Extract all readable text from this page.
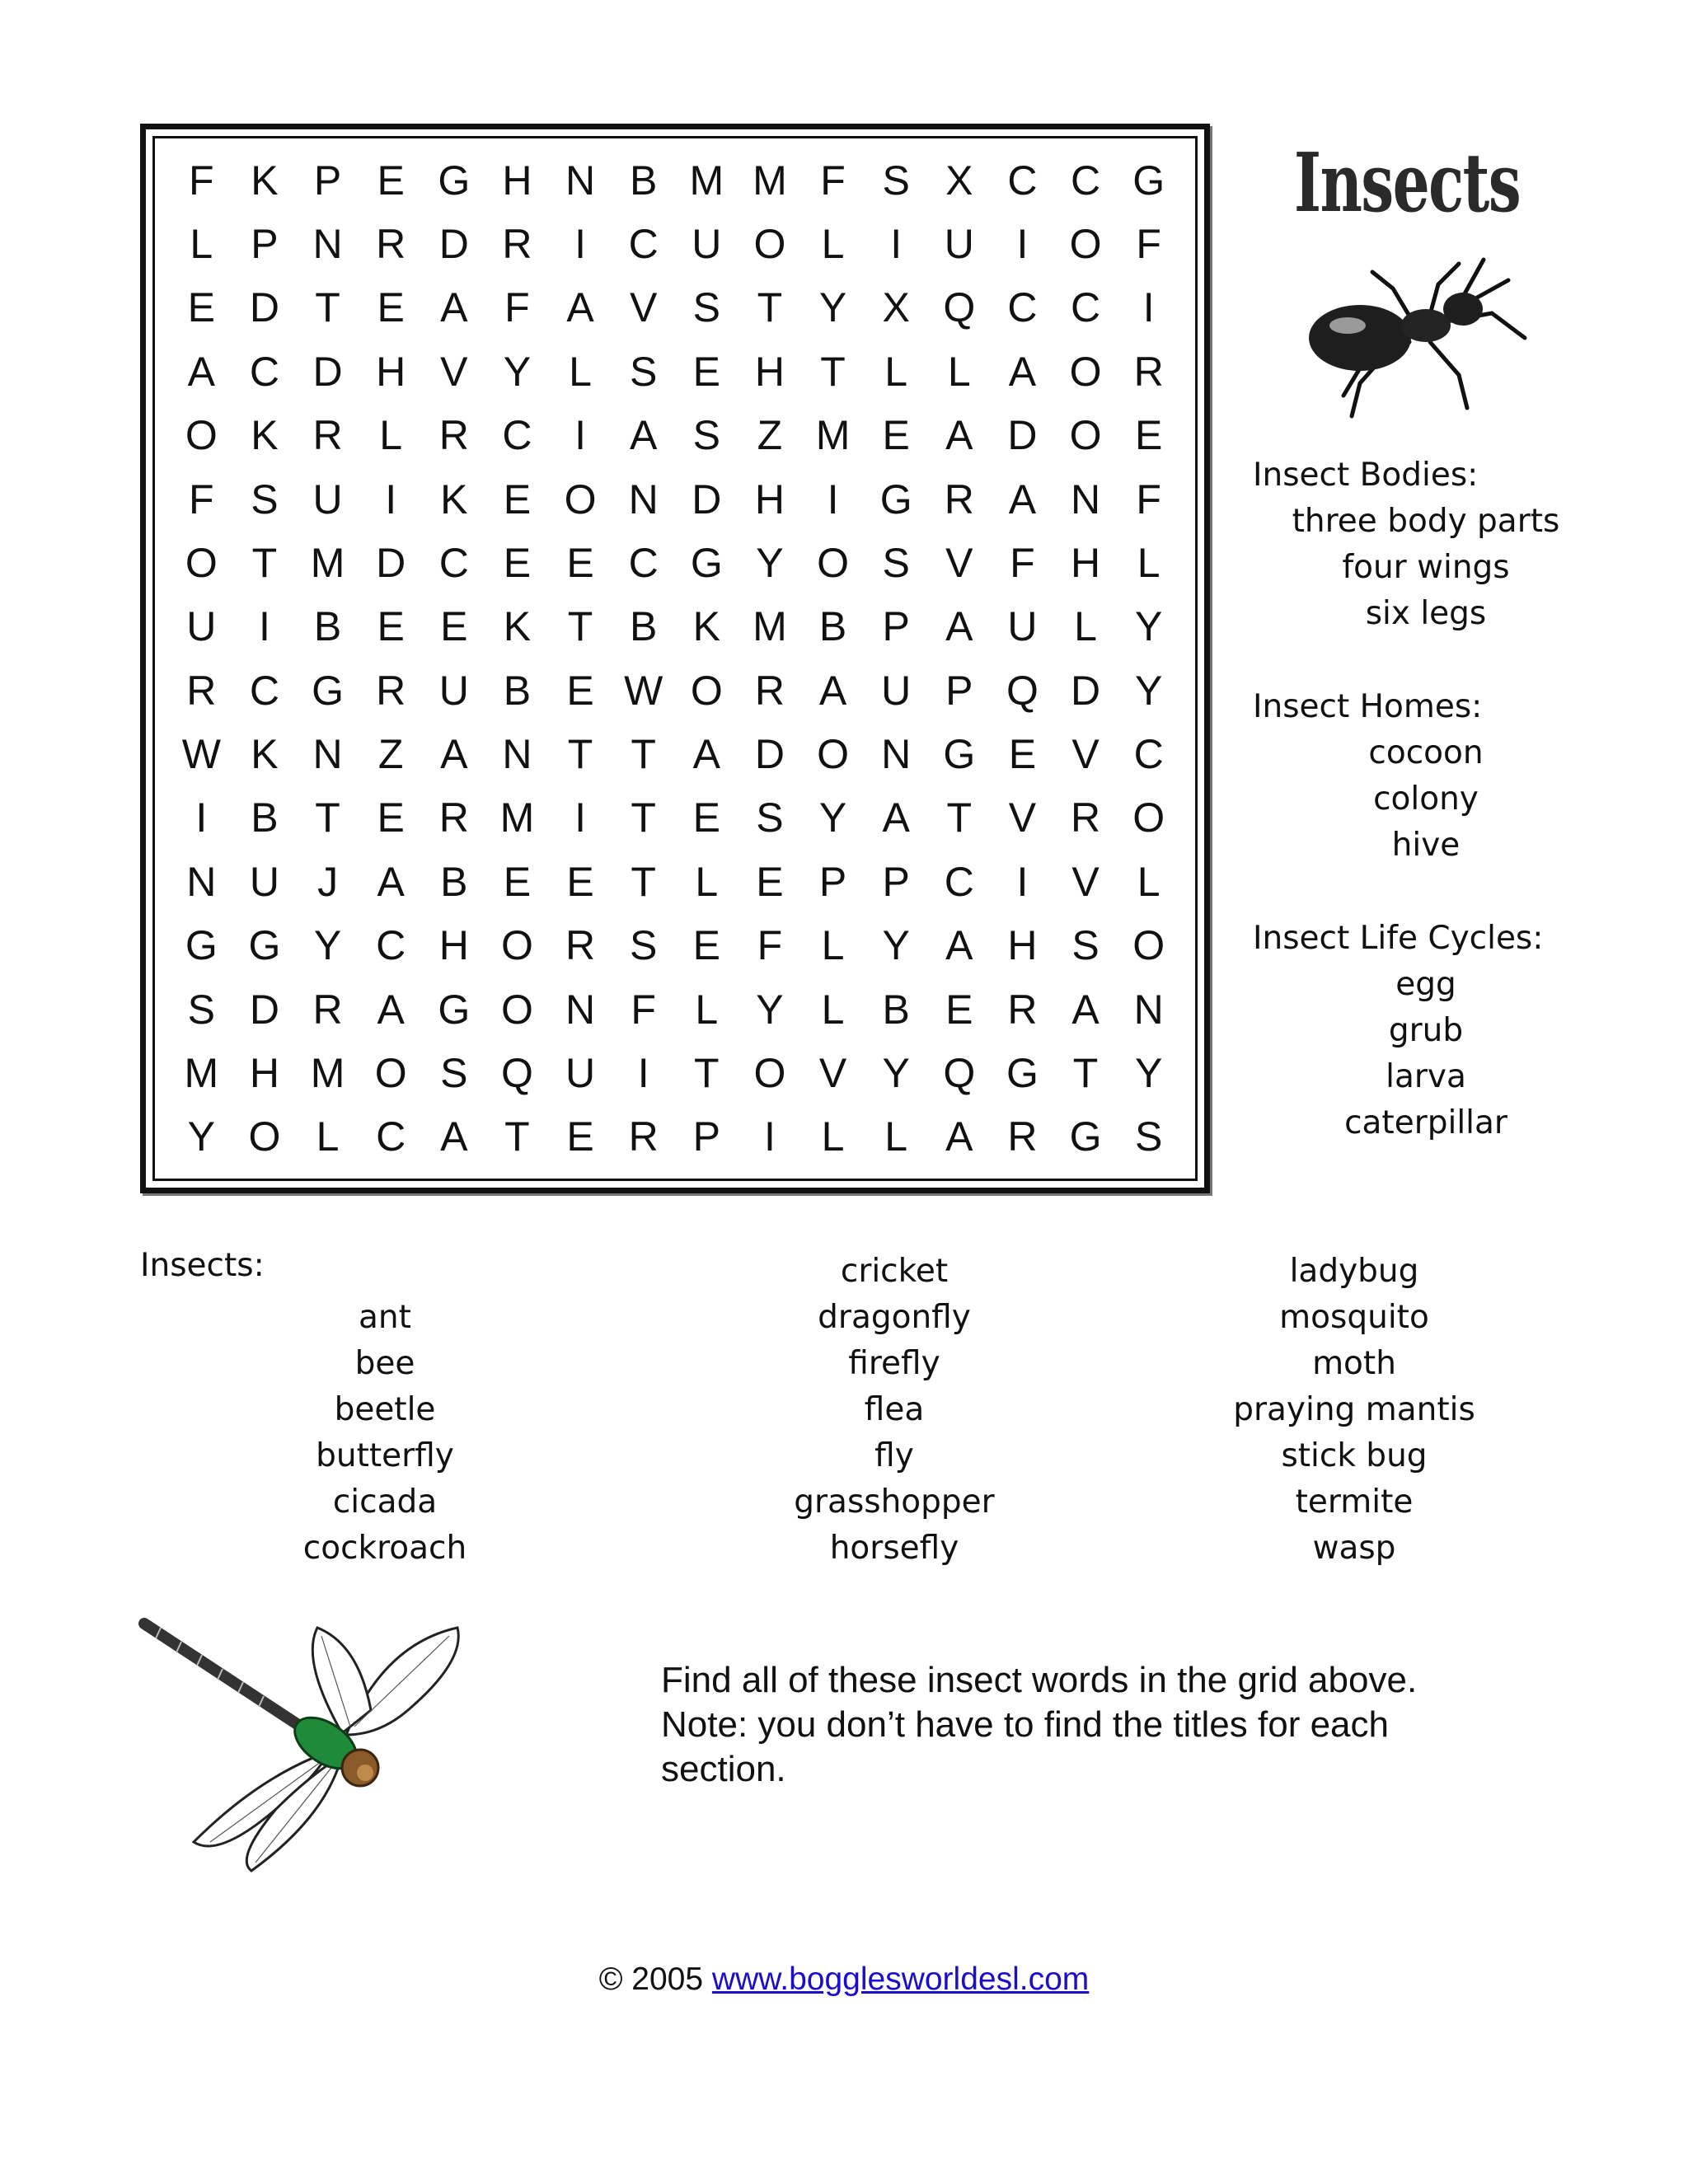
F K P E G H N B M M F S X C C G
L P N R D R	I	C U O L	I	U	I	O F
E D T E A F A V S T Y X Q C C	I
A C D H V Y L S E H T L L A O R
O K R L R C	I	A S Z M E A D O E
F S U	I	K E O N D H	I	G R A N F
O T M D C E E C G Y O S V F H L
U	I	B E E K T B K M B P A U L Y
R C G R U B E W O R A U P Q D Y
W K N Z A N T T A D O N G E V C
I	B T E R M I	T E S Y A T V R O
N U J A B E E T L E P P C	I	V L
G G Y C H O R S E F L Y A H S O
S D R A G O N F L Y L B E R A N
M H M O S Q U	I	T O V Y Q G T Y
Y O L C A T E R P	I	L L A R G S
Insects
Insect Bodies:
three body parts
four wings
six legs
Insect Homes:
cocoon
colony
hive
Insect Life Cycles:
egg
grub
larva
caterpillar
Insects:
ant
bee
beetle
butterfly
cicada
cockroach
cricket
dragonfly
firefly
flea
fly
grasshopper
horsefly
ladybug
mosquito
moth
praying mantis
stick bug
termite
wasp
Find all of these insect words in the grid above.
Note: you don’t have to find the titles for each
section.
© 2005 www.bogglesworldesl.com
